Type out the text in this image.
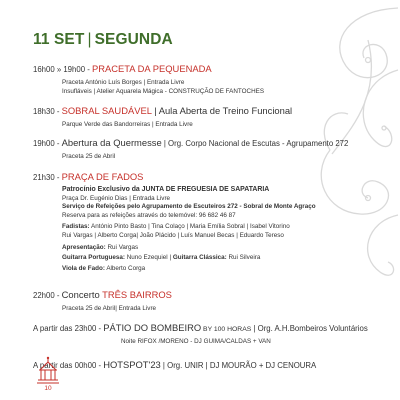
11 SET | SEGUNDA
16h00 » 19h00 - PRACETA DA PEQUENADA
Praceta António Luís Borges | Entrada Livre
Insufláveis | Atelier Aquarela Mágica - CONSTRUÇÃO DE FANTOCHES
18h30 - SOBRAL SAUDÁVEL | Aula Aberta de Treino Funcional
Parque Verde das Bandorreiras | Entrada Livre
19h00 - Abertura da Quermesse | Org. Corpo Nacional de Escutas - Agrupamento 272
Praceta 25 de Abril
21h30 - PRAÇA DE FADOS
Patrocínio Exclusivo da JUNTA DE FREGUESIA DE SAPATARIA
Praça Dr. Eugénio Dias | Entrada Livre
Serviço de Refeições pelo Agrupamento de Escuteiros 272 - Sobral de Monte Agraço
Reserva para as refeições através do telemóvel: 96 682 46 87
Fadistas: António Pinto Basto | Tina Colaço | Maria Emília Sobral | Isabel Vitorino
Rui Vargas | Alberto Corga| João Plácido | Luís Manuel Becas | Eduardo Tereso
Apresentação: Rui Vargas
Guitarra Portuguesa: Nuno Ezequiel | Guitarra Clássica: Rui Silveira
Viola de Fado: Alberto Corga
22h00 - Concerto TRÊS BAIRROS
Praceta 25 de Abril| Entrada Livre
A partir das 23h00 - PÁTIO DO BOMBEIRO BY 100 HORAS | Org. A.H.Bombeiros Voluntários
Noite RIFOX /MORENO - DJ GUIMA/CALDAS + VAN
A partir das 00h00 - HOTSPOT'23 | Org. UNIR | DJ MOURÃO + DJ CENOURA
10
